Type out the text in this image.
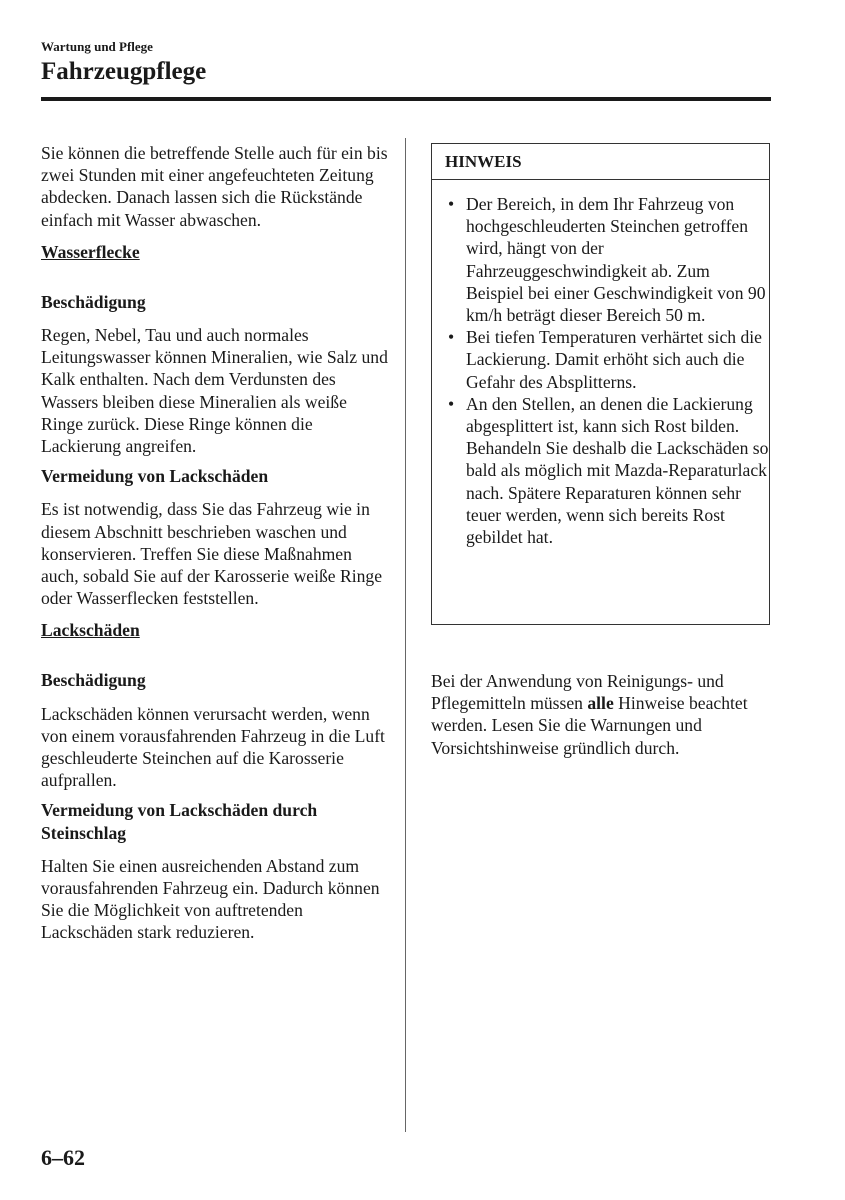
Wartung und Pflege
Fahrzeugpflege

Sie können die betreffende Stelle auch für ein bis zwei Stunden mit einer angefeuchteten Zeitung abdecken. Danach lassen sich die Rückstände einfach mit Wasser abwaschen.

Wasserflecke
Beschädigung

Regen, Nebel, Tau und auch normales Leitungswasser können Mineralien, wie Salz und Kalk enthalten. Nach dem Verdunsten des Wassers bleiben diese Mineralien als weiße Ringe zurück. Diese Ringe können die Lackierung angreifen.

Vermeidung von Lackschäden

Es ist notwendig, dass Sie das Fahrzeug wie in diesem Abschnitt beschrieben waschen und konservieren. Treffen Sie diese Maßnahmen auch, sobald Sie auf der Karosserie weiße Ringe oder Wasserflecken feststellen.

Lackschäden
Beschädigung

Lackschäden können verursacht werden, wenn von einem vorausfahrenden Fahrzeug in die Luft geschleuderte Steinchen auf die Karosserie aufprallen.

Vermeidung von Lackschäden durch Steinschlag

Halten Sie einen ausreichenden Abstand zum vorausfahrenden Fahrzeug ein. Dadurch können Sie die Möglichkeit von auftretenden Lackschäden stark reduzieren.

HINWEIS
• Der Bereich, in dem Ihr Fahrzeug von hochgeschleuderten Steinchen getroffen wird, hängt von der Fahrzeuggeschwindigkeit ab. Zum Beispiel bei einer Geschwindigkeit von 90 km/h beträgt dieser Bereich 50 m.
• Bei tiefen Temperaturen verhärtet sich die Lackierung. Damit erhöht sich auch die Gefahr des Absplitterns.
• An den Stellen, an denen die Lackierung abgesplittert ist, kann sich Rost bilden. Behandeln Sie deshalb die Lackschäden so bald als möglich mit Mazda-Reparaturlack nach. Spätere Reparaturen können sehr teuer werden, wenn sich bereits Rost gebildet hat.

Bei der Anwendung von Reinigungs- und Pflegemitteln müssen alle Hinweise beachtet werden. Lesen Sie die Warnungen und Vorsichtshinweise gründlich durch.

6–62
